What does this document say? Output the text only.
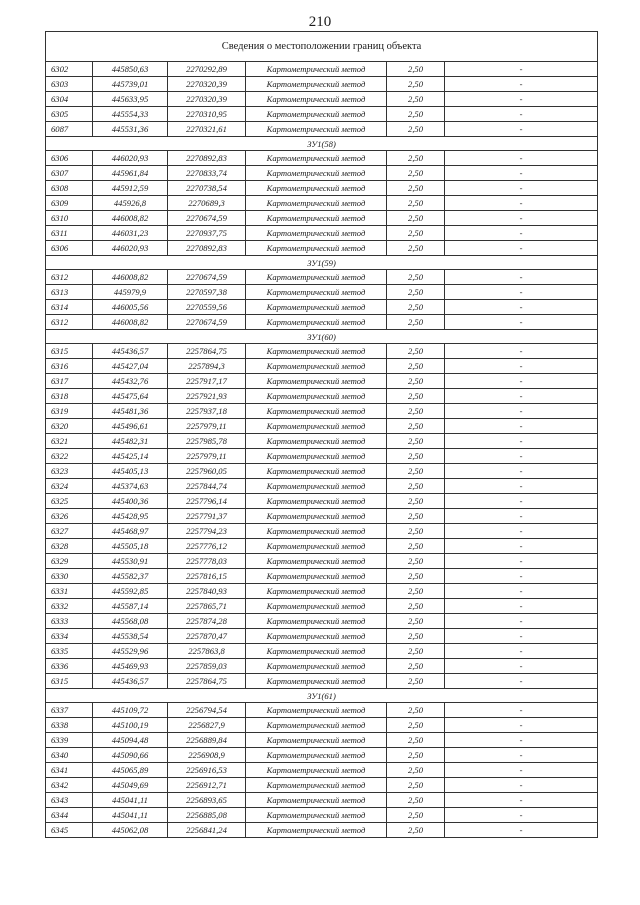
210
Сведения о местоположении границ объекта					
6302	445850,63	2270292,89	Картометрический метод	2,50	-
6303	445739,01	2270320,39	Картометрический метод	2,50	-
6304	445633,95	2270320,39	Картометрический метод	2,50	-
6305	445554,33	2270310,95	Картометрический метод	2,50	-
6087	445531,36	2270321,61	Картометрический метод	2,50	-
ЗУ1(58)					
6306	446020,93	2270892,83	Картометрический метод	2,50	-
6307	445961,84	2270833,74	Картометрический метод	2,50	-
6308	445912,59	2270738,54	Картометрический метод	2,50	-
6309	445926,8	2270689,3	Картометрический метод	2,50	-
6310	446008,82	2270674,59	Картометрический метод	2,50	-
6311	446031,23	2270937,75	Картометрический метод	2,50	-
6306	446020,93	2270892,83	Картометрический метод	2,50	-
ЗУ1(59)					
6312	446008,82	2270674,59	Картометрический метод	2,50	-
6313	445979,9	2270597,38	Картометрический метод	2,50	-
6314	446005,56	2270559,56	Картометрический метод	2,50	-
6312	446008,82	2270674,59	Картометрический метод	2,50	-
ЗУ1(60)					
6315	445436,57	2257864,75	Картометрический метод	2,50	-
6316	445427,04	2257894,3	Картометрический метод	2,50	-
6317	445432,76	2257917,17	Картометрический метод	2,50	-
6318	445475,64	2257921,93	Картометрический метод	2,50	-
6319	445481,36	2257937,18	Картометрический метод	2,50	-
6320	445496,61	2257979,11	Картометрический метод	2,50	-
6321	445482,31	2257985,78	Картометрический метод	2,50	-
6322	445425,14	2257979,11	Картометрический метод	2,50	-
6323	445405,13	2257960,05	Картометрический метод	2,50	-
6324	445374,63	2257844,74	Картометрический метод	2,50	-
6325	445400,36	2257796,14	Картометрический метод	2,50	-
6326	445428,95	2257791,37	Картометрический метод	2,50	-
6327	445468,97	2257794,23	Картометрический метод	2,50	-
6328	445505,18	2257776,12	Картометрический метод	2,50	-
6329	445530,91	2257778,03	Картометрический метод	2,50	-
6330	445582,37	2257816,15	Картометрический метод	2,50	-
6331	445592,85	2257840,93	Картометрический метод	2,50	-
6332	445587,14	2257865,71	Картометрический метод	2,50	-
6333	445568,08	2257874,28	Картометрический метод	2,50	-
6334	445538,54	2257870,47	Картометрический метод	2,50	-
6335	445529,96	2257863,8	Картометрический метод	2,50	-
6336	445469,93	2257859,03	Картометрический метод	2,50	-
6315	445436,57	2257864,75	Картометрический метод	2,50	-
ЗУ1(61)					
6337	445109,72	2256794,54	Картометрический метод	2,50	-
6338	445100,19	2256827,9	Картометрический метод	2,50	-
6339	445094,48	2256889,84	Картометрический метод	2,50	-
6340	445090,66	2256908,9	Картометрический метод	2,50	-
6341	445065,89	2256916,53	Картометрический метод	2,50	-
6342	445049,69	2256912,71	Картометрический метод	2,50	-
6343	445041,11	2256893,65	Картометрический метод	2,50	-
6344	445041,11	2256885,08	Картометрический метод	2,50	-
6345	445062,08	2256841,24	Картометрический метод	2,50	-
